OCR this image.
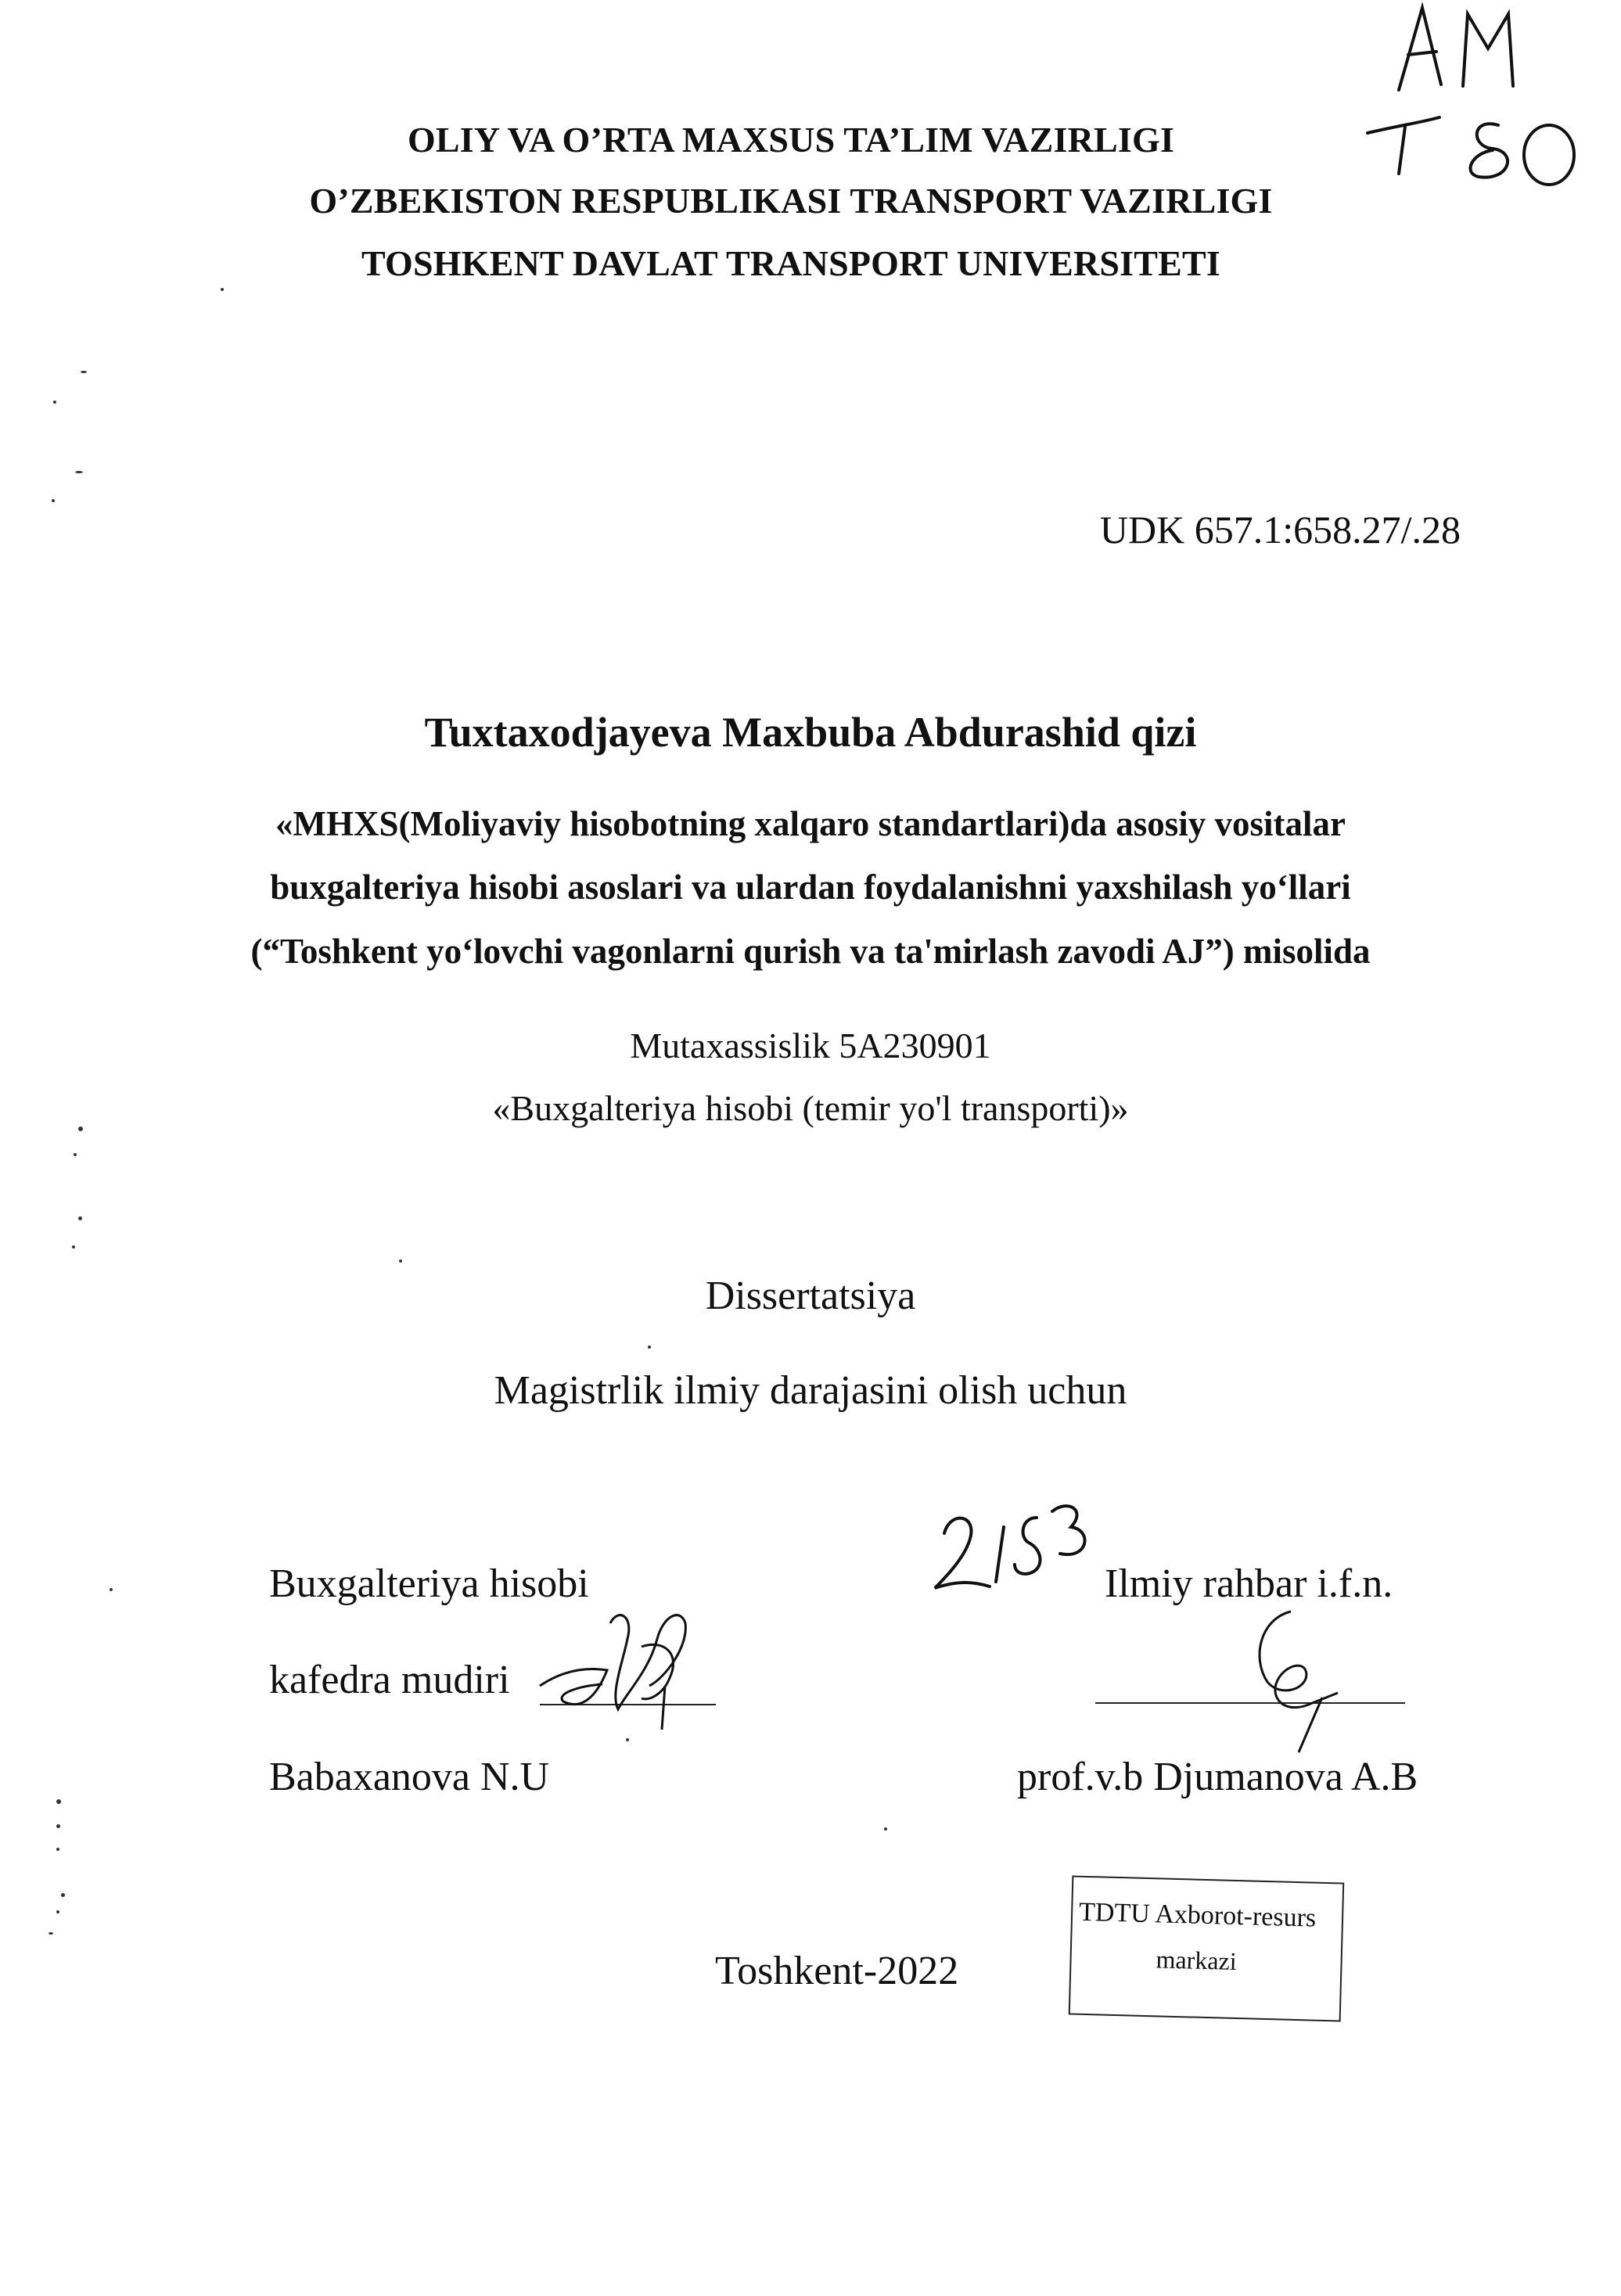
OLIY VA O’RTA MAXSUS TA’LIM VAZIRLIGI
O’ZBEKISTON RESPUBLIKASI TRANSPORT VAZIRLIGI
TOSHKENT DAVLAT TRANSPORT UNIVERSITETI
UDK 657.1:658.27/.28
Tuxtaxodjayeva Maxbuba Abdurashid qizi
«MHXS(Moliyaviy hisobotning xalqaro standartlari)da asosiy vositalar
buxgalteriya hisobi asoslari va ulardan foydalanishni yaxshilash yo‘llari
(“Toshkent yo‘lovchi vagonlarni qurish va ta'mirlash zavodi AJ”) misolida
Mutaxassislik 5A230901
«Buxgalteriya hisobi (temir yo'l transporti)»
Dissertatsiya
Magistrlik ilmiy darajasini olish uchun
Buxgalteriya hisobi
kafedra mudiri
Babaxanova N.U
Ilmiy rahbar i.f.n.
prof.v.b Djumanova A.B
Toshkent-2022
TDTU Axborot-resurs
markazi
